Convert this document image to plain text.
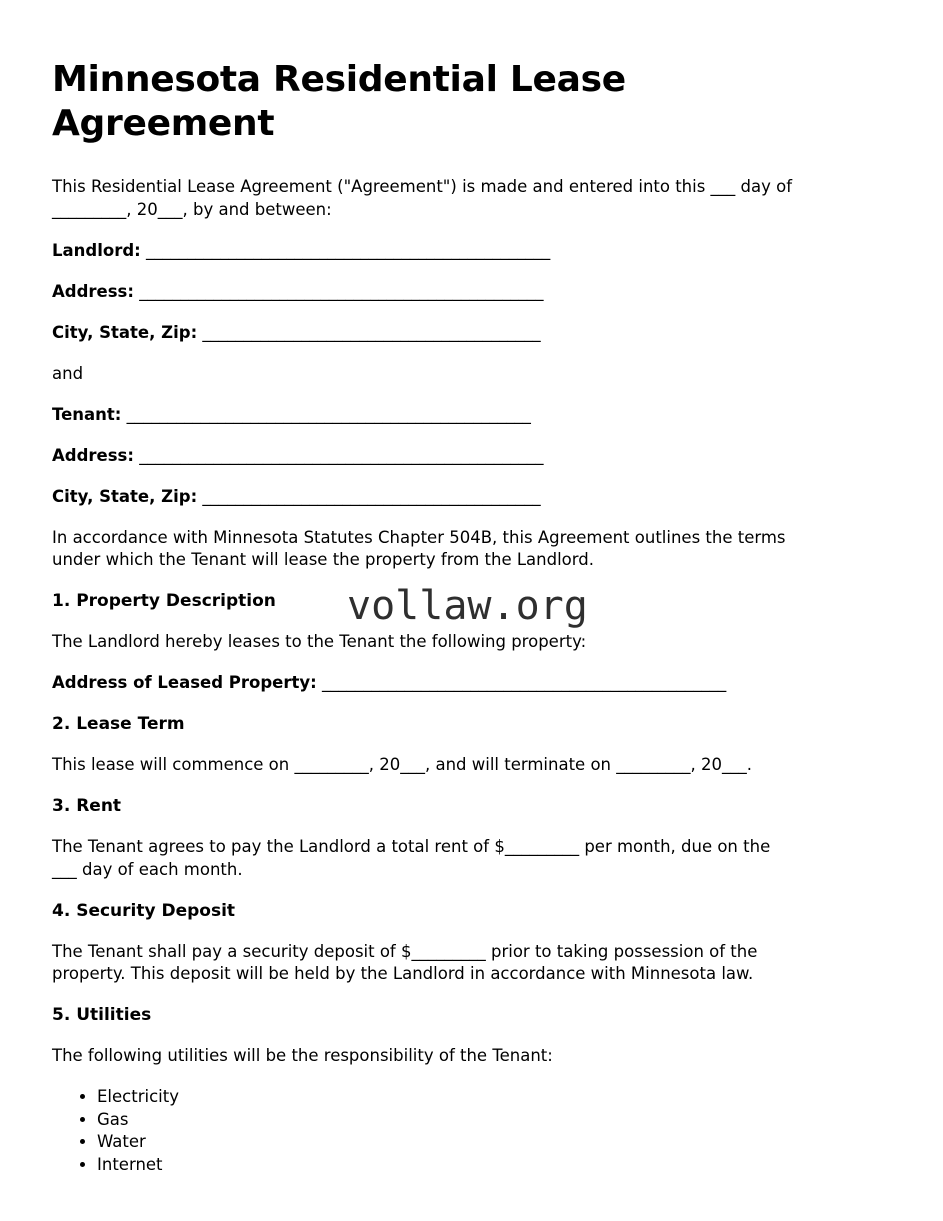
Minnesota Residential Lease Agreement

This Residential Lease Agreement ("Agreement") is made and entered into this ___ day of
_________, 20___, by and between:

Landlord: _________________________________________________

Address: _________________________________________________

City, State, Zip: _________________________________________

and

Tenant: _________________________________________________

Address: _________________________________________________

City, State, Zip: _________________________________________

In accordance with Minnesota Statutes Chapter 504B, this Agreement outlines the terms
under which the Tenant will lease the property from the Landlord.

1. Property Description

The Landlord hereby leases to the Tenant the following property:

Address of Leased Property: _________________________________________________

2. Lease Term

This lease will commence on _________, 20___, and will terminate on _________, 20___.

3. Rent

The Tenant agrees to pay the Landlord a total rent of $_________ per month, due on the
___ day of each month.

4. Security Deposit

The Tenant shall pay a security deposit of $_________ prior to taking possession of the
property. This deposit will be held by the Landlord in accordance with Minnesota law.

5. Utilities

The following utilities will be the responsibility of the Tenant:

• Electricity
• Gas
• Water
• Internet
vollaw.org
